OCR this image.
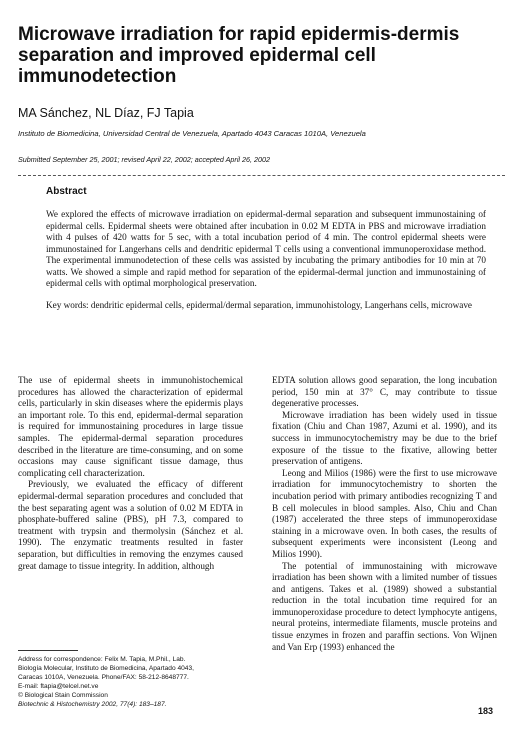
Microwave irradiation for rapid epidermis-dermis separation and improved epidermal cell immunodetection
MA Sánchez, NL Díaz, FJ Tapia
Instituto de Biomedicina, Universidad Central de Venezuela, Apartado 4043 Caracas 1010A, Venezuela
Submitted September 25, 2001; revised April 22, 2002; accepted April 26, 2002
Abstract

We explored the effects of microwave irradiation on epidermal-dermal separation and subsequent immunostaining of epidermal cells. Epidermal sheets were obtained after incubation in 0.02 M EDTA in PBS and microwave irradiation with 4 pulses of 420 watts for 5 sec, with a total incubation period of 4 min. The control epidermal sheets were immunostained for Langerhans cells and dendritic epidermal T cells using a conventional immunoperoxidase method. The experimental immunodetection of these cells was assisted by incubating the primary antibodies for 10 min at 70 watts. We showed a simple and rapid method for separation of the epidermal-dermal junction and immunostaining of epidermal cells with optimal morphological preservation.

Key words: dendritic epidermal cells, epidermal/dermal separation, immunohistology, Langerhans cells, microwave

The use of epidermal sheets in immunohistochemical procedures has allowed the characterization of epidermal cells, particularly in skin diseases where the epidermis plays an important role. To this end, epidermal-dermal separation is required for immunostaining procedures in large tissue samples. The epidermal-dermal separation procedures described in the literature are time-consuming, and on some occasions may cause significant tissue damage, thus complicating cell characterization.

Previously, we evaluated the efficacy of different epidermal-dermal separation procedures and concluded that the best separating agent was a solution of 0.02 M EDTA in phosphate-buffered saline (PBS), pH 7.3, compared to treatment with trypsin and thermolysin (Sánchez et al. 1990). The enzymatic treatments resulted in faster separation, but difficulties in removing the enzymes caused great damage to tissue integrity. In addition, although

EDTA solution allows good separation, the long incubation period, 150 min at 37° C, may contribute to tissue degenerative processes.

Microwave irradiation has been widely used in tissue fixation (Chiu and Chan 1987, Azumi et al. 1990), and its success in immunocytochemistry may be due to the brief exposure of the tissue to the fixative, allowing better preservation of antigens.

Leong and Milios (1986) were the first to use microwave irradiation for immunocytochemistry to shorten the incubation period with primary antibodies recognizing T and B cell molecules in blood samples. Also, Chiu and Chan (1987) accelerated the three steps of immunoperoxidase staining in a microwave oven. In both cases, the results of subsequent experiments were inconsistent (Leong and Milios 1990).

The potential of immunostaining with microwave irradiation has been shown with a limited number of tissues and antigens. Takes et al. (1989) showed a substantial reduction in the total incubation time required for an immunoperoxidase procedure to detect lymphocyte antigens, neural proteins, intermediate filaments, muscle proteins and tissue enzymes in frozen and paraffin sections. Von Wijnen and Van Erp (1993) enhanced the

Address for correspondence: Felix M. Tapia, M.Phil., Lab.
Biología Molecular, Instituto de Biomedicina, Apartado 4043,
Caracas 1010A, Venezuela. Phone/FAX: 58-212-8648777.
E-mail: ftapia@telcel.net.ve
© Biological Stain Commission
Biotechnic & Histochemistry 2002, 77(4): 183–187.
183
